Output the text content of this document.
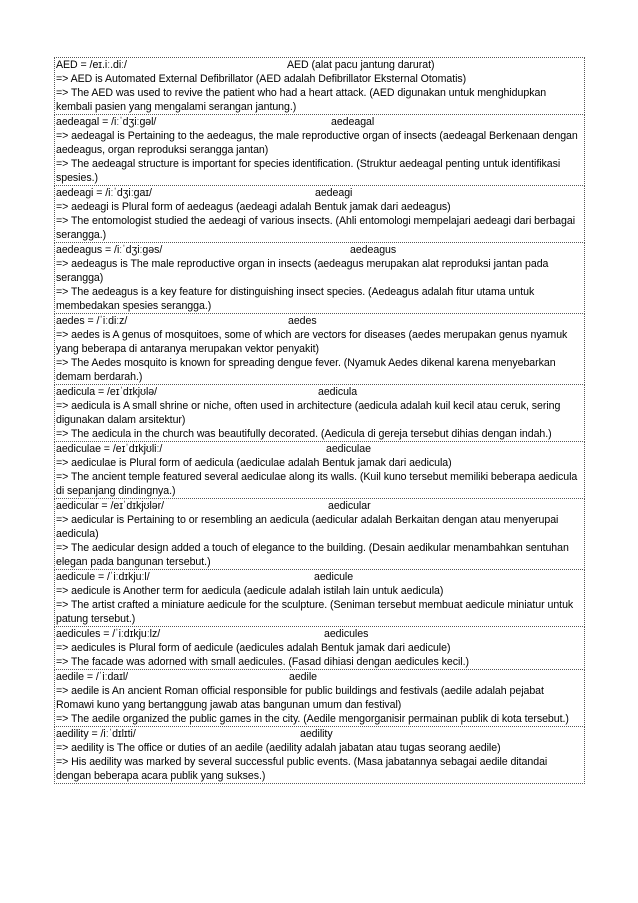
AED = /eɪ.iː.diː/	AED (alat pacu jantung darurat)
=> AED is Automated External Defibrillator (AED adalah Defibrillator Eksternal Otomatis)
=> The AED was used to revive the patient who had a heart attack. (AED digunakan untuk menghidupkan kembali pasien yang mengalami serangan jantung.)
aedeagal = /iːˈdʒiːɡəl/	aedeagal
=> aedeagal is Pertaining to the aedeagus, the male reproductive organ of insects (aedeagal Berkenaan dengan aedeagus, organ reproduksi serangga jantan)
=> The aedeagal structure is important for species identification. (Struktur aedeagal penting untuk identifikasi spesies.)
aedeagi = /iːˈdʒiːɡaɪ/	aedeagi
=> aedeagi is Plural form of aedeagus (aedeagi adalah Bentuk jamak dari aedeagus)
=> The entomologist studied the aedeagi of various insects. (Ahli entomologi mempelajari aedeagi dari berbagai serangga.)
aedeagus = /iːˈdʒiːɡəs/	aedeagus
=> aedeagus is The male reproductive organ in insects (aedeagus merupakan alat reproduksi jantan pada serangga)
=> The aedeagus is a key feature for distinguishing insect species. (Aedeagus adalah fitur utama untuk membedakan spesies serangga.)
aedes = /ˈiːdiːz/	aedes
=> aedes is A genus of mosquitoes, some of which are vectors for diseases (aedes merupakan genus nyamuk yang beberapa di antaranya merupakan vektor penyakit)
=> The Aedes mosquito is known for spreading dengue fever. (Nyamuk Aedes dikenal karena menyebarkan demam berdarah.)
aedicula = /eɪˈdɪkjʊlə/	aedicula
=> aedicula is A small shrine or niche, often used in architecture (aedicula adalah kuil kecil atau ceruk, sering digunakan dalam arsitektur)
=> The aedicula in the church was beautifully decorated. (Aedicula di gereja tersebut dihias dengan indah.)
aediculae = /eɪˈdɪkjʊliː/	aediculae
=> aediculae is Plural form of aedicula (aediculae adalah Bentuk jamak dari aedicula)
=> The ancient temple featured several aediculae along its walls. (Kuil kuno tersebut memiliki beberapa aedicula di sepanjang dindingnya.)
aedicular = /eɪˈdɪkjʊlər/	aedicular
=> aedicular is Pertaining to or resembling an aedicula (aedicular adalah Berkaitan dengan atau menyerupai aedicula)
=> The aedicular design added a touch of elegance to the building. (Desain aedikular menambahkan sentuhan elegan pada bangunan tersebut.)
aedicule = /ˈiːdɪkjuːl/	aedicule
=> aedicule is Another term for aedicula (aedicule adalah istilah lain untuk aedicula)
=> The artist crafted a miniature aedicule for the sculpture. (Seniman tersebut membuat aedicule miniatur untuk patung tersebut.)
aedicules = /ˈiːdɪkjuːlz/	aedicules
=> aedicules is Plural form of aedicule (aedicules adalah Bentuk jamak dari aedicule)
=> The facade was adorned with small aedicules. (Fasad dihiasi dengan aedicules kecil.)
aedile = /ˈiːdaɪl/	aedile
=> aedile is An ancient Roman official responsible for public buildings and festivals (aedile adalah pejabat Romawi kuno yang bertanggung jawab atas bangunan umum dan festival)
=> The aedile organized the public games in the city. (Aedile mengorganisir permainan publik di kota tersebut.)
aedility = /iːˈdɪlɪti/	aedility
=> aedility is The office or duties of an aedile (aedility adalah jabatan atau tugas seorang aedile)
=> His aedility was marked by several successful public events. (Masa jabatannya sebagai aedile ditandai dengan beberapa acara publik yang sukses.)
